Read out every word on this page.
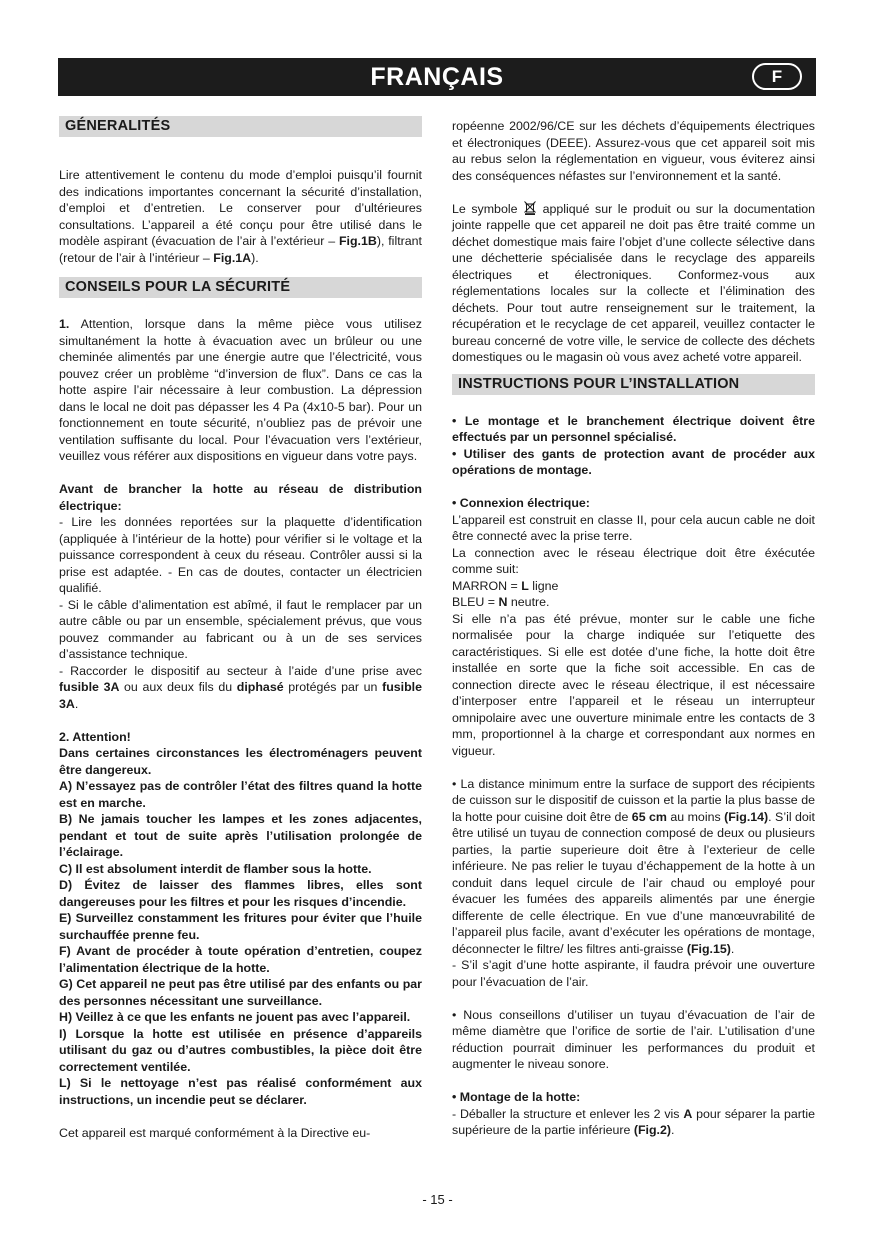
FRANÇAIS	F
GÉNERALITÉS

Lire attentivement le contenu du mode d’emploi puisqu’il fournit des indications importantes concernant la sécurité d’installation, d’emploi et d’entretien. Le conserver pour d’ultérieures consultations. L’appareil a été conçu pour être utilisé dans le modèle aspirant (évacuation de l’air à l’extérieur – Fig.1B), filtrant (retour de l’air à l’intérieur – Fig.1A).

CONSEILS POUR LA SÉCURITÉ

1. Attention, lorsque dans la même pièce vous utilisez simultanément la hotte à évacuation avec un brûleur ou une cheminée alimentés par une énergie autre que l’électricité, vous pouvez créer un problème “d’inversion de flux”. Dans ce cas la hotte aspire l’air nécessaire à leur combustion. La dépression dans le local ne doit pas dépasser les 4 Pa (4x10-5 bar). Pour un fonctionnement en toute sécurité, n’oubliez pas de prévoir une ventilation suffisante du local. Pour l’évacuation vers l’extérieur, veuillez vous référer aux dispositions en vigueur dans votre pays.

Avant de brancher la hotte au réseau de distribution électrique:

- Lire les données reportées sur la plaquette d’identification (appliquée à l’intérieur de la hotte) pour vérifier si le voltage et la puissance correspondent à ceux du réseau. Contrôler aussi si la prise est adaptée. - En cas de doutes, contacter un électricien qualifié.

- Si le câble d’alimentation est abîmé, il faut le remplacer par un autre câble ou par un ensemble, spécialement prévus, que vous pouvez commander au fabricant ou à un de ses services d’assistance technique.

- Raccorder le dispositif au secteur à l’aide d’une prise avec fusible 3A ou aux deux fils du diphasé protégés par un fusible 3A.

2. Attention!

Dans certaines circonstances les électroménagers peuvent être dangereux.

A) N’essayez pas de contrôler l’état des filtres quand la hotte est en marche.

B) Ne jamais toucher les lampes et les zones adjacentes, pendant et tout de suite après l’utilisation prolongée de l’éclairage.

C) Il est absolument interdit de flamber sous la hotte.

D) Évitez de laisser des flammes libres, elles sont dangereuses pour les filtres et pour les risques d’incendie.

E) Surveillez constamment les fritures pour éviter que l’huile surchauffée prenne feu.

F) Avant de procéder à toute opération d’entretien, coupez l’alimentation électrique de la hotte.

G) Cet appareil ne peut pas être utilisé par des enfants ou par des personnes nécessitant une surveillance.

H) Veillez à ce que les enfants ne jouent pas avec l’appareil.

I) Lorsque la hotte est utilisée en présence d’appareils utilisant du gaz ou d’autres combustibles, la pièce doit être correctement ventilée.

L) Si le nettoyage n’est pas réalisé conformément aux instructions, un incendie peut se déclarer.

Cet appareil est marqué conformément à la Directive eu-

ropéenne 2002/96/CE sur les déchets d’équipements électriques et électroniques (DEEE). Assurez-vous que cet appareil soit mis au rebus selon la réglementation en vigueur, vous éviterez ainsi des conséquences néfastes sur l’environnement et la santé.

Le symbole  appliqué sur le produit ou sur la documentation jointe rappelle que cet appareil ne doit pas être traité comme un déchet domestique mais faire l’objet d’une collecte sélective dans une déchetterie spécialisée dans le recyclage des appareils électriques et électroniques. Conformez-vous aux réglementations locales sur la collecte et l’élimination des déchets. Pour tout autre renseignement sur le traitement, la récupération et le recyclage de cet appareil, veuillez contacter le bureau concerné de votre ville, le service de collecte des déchets domestiques ou le magasin où vous avez acheté votre appareil.

INSTRUCTIONS POUR L’INSTALLATION

• Le montage et le branchement électrique doivent être effectués par un personnel spécialisé.

• Utiliser des gants de protection avant de procéder aux opérations de montage.

• Connexion électrique:

L’appareil est construit en classe II, pour cela aucun cable ne doit être connecté avec la prise terre.

La connection avec le réseau électrique doit être éxécutée comme suit:

MARRON = L ligne

BLEU = N neutre.

Si elle n’a pas été prévue, monter sur le cable une fiche normalisée pour la charge indiquée sur l’etiquette des caractéristiques. Si elle est dotée d’une fiche, la hotte doit être installée en sorte que la fiche soit accessible. En cas de connection directe avec le réseau électrique, il est nécessaire d’interposer entre l’appareil et le réseau un interrupteur omnipolaire avec une ouverture minimale entre les contacts de 3 mm, proportionnel à la charge et correspondant aux normes en vigueur.

• La distance minimum entre la surface de support des récipients de cuisson sur le dispositif de cuisson et la partie la plus basse de la hotte pour cuisine doit être de 65 cm au moins (Fig.14). S’il doit être utilisé un tuyau de connection composé de deux ou plusieurs parties, la partie superieure doit être à l’exterieur de celle inférieure. Ne pas relier le tuyau d’échappement de la hotte à un conduit dans lequel circule de l’air chaud ou employé pour évacuer les fumées des appareils alimentés par une énergie differente de celle électrique. En vue d’une manœuvrabilité de l’appareil plus facile, avant d’exécuter les opérations de montage, déconnecter le filtre/ les filtres anti-graisse (Fig.15).

- S’il s’agit d’une hotte aspirante, il faudra prévoir une ouverture pour l’évacuation de l’air.

• Nous conseillons d’utiliser un tuyau d’évacuation de l’air de même diamètre que l’orifice de sortie de l’air. L’utilisation d’une réduction pourrait diminuer les performances du produit et augmenter le niveau sonore.

• Montage de la hotte:

- Déballer la structure et enlever les 2 vis A pour séparer la partie supérieure de la partie inférieure (Fig.2).

- 15 -
